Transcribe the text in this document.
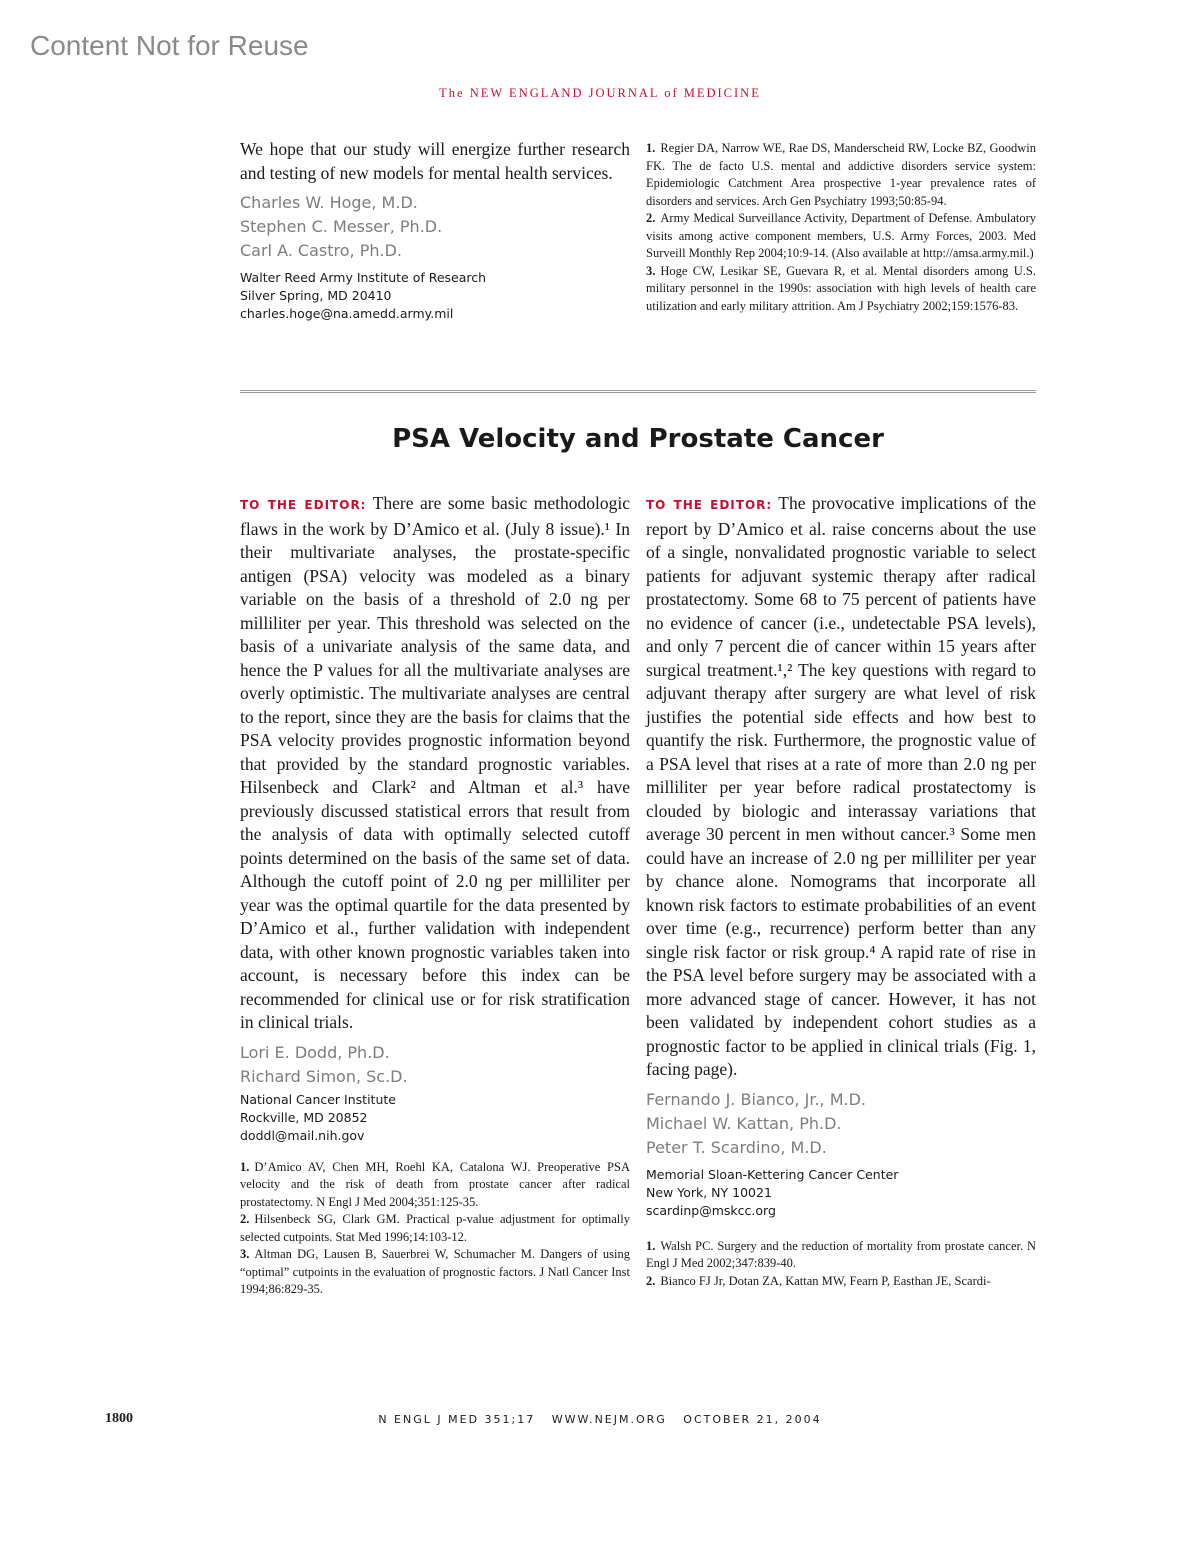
Content Not for Reuse
The NEW ENGLAND JOURNAL of MEDICINE

We hope that our study will energize further research and testing of new models for mental health services.

Charles W. Hoge, M.D.
Stephen C. Messer, Ph.D.
Carl A. Castro, Ph.D.
Walter Reed Army Institute of Research
Silver Spring, MD 20410
charles.hoge@na.amedd.army.mil
1. Regier DA, Narrow WE, Rae DS, Manderscheid RW, Locke BZ, Goodwin FK. The de facto U.S. mental and addictive disorders service system: Epidemiologic Catchment Area prospective 1-year prevalence rates of disorders and services. Arch Gen Psychiatry 1993;50:85-94.
2. Army Medical Surveillance Activity, Department of Defense. Ambulatory visits among active component members, U.S. Army Forces, 2003. Med Surveill Monthly Rep 2004;10:9-14. (Also available at http://amsa.army.mil.)
3. Hoge CW, Lesikar SE, Guevara R, et al. Mental disorders among U.S. military personnel in the 1990s: association with high levels of health care utilization and early military attrition. Am J Psychiatry 2002;159:1576-83.
PSA Velocity and Prostate Cancer

TO THE EDITOR: There are some basic methodologic flaws in the work by D’Amico et al. (July 8 issue).¹ In their multivariate analyses, the prostate-specific antigen (PSA) velocity was modeled as a binary variable on the basis of a threshold of 2.0 ng per milliliter per year. This threshold was selected on the basis of a univariate analysis of the same data, and hence the P values for all the multivariate analyses are overly optimistic. The multivariate analyses are central to the report, since they are the basis for claims that the PSA velocity provides prognostic information beyond that provided by the standard prognostic variables. Hilsenbeck and Clark² and Altman et al.³ have previously discussed statistical errors that result from the analysis of data with optimally selected cutoff points determined on the basis of the same set of data. Although the cutoff point of 2.0 ng per milliliter per year was the optimal quartile for the data presented by D’Amico et al., further validation with independent data, with other known prognostic variables taken into account, is necessary before this index can be recommended for clinical use or for risk stratification in clinical trials.

Lori E. Dodd, Ph.D.
Richard Simon, Sc.D.
National Cancer Institute
Rockville, MD 20852
doddl@mail.nih.gov
1. D’Amico AV, Chen MH, Roehl KA, Catalona WJ. Preoperative PSA velocity and the risk of death from prostate cancer after radical prostatectomy. N Engl J Med 2004;351:125-35.
2. Hilsenbeck SG, Clark GM. Practical p-value adjustment for optimally selected cutpoints. Stat Med 1996;14:103-12.
3. Altman DG, Lausen B, Sauerbrei W, Schumacher M. Dangers of using “optimal” cutpoints in the evaluation of prognostic factors. J Natl Cancer Inst 1994;86:829-35.

TO THE EDITOR: The provocative implications of the report by D’Amico et al. raise concerns about the use of a single, nonvalidated prognostic variable to select patients for adjuvant systemic therapy after radical prostatectomy. Some 68 to 75 percent of patients have no evidence of cancer (i.e., undetectable PSA levels), and only 7 percent die of cancer within 15 years after surgical treatment.¹,² The key questions with regard to adjuvant therapy after surgery are what level of risk justifies the potential side effects and how best to quantify the risk. Furthermore, the prognostic value of a PSA level that rises at a rate of more than 2.0 ng per milliliter per year before radical prostatectomy is clouded by biologic and interassay variations that average 30 percent in men without cancer.³ Some men could have an increase of 2.0 ng per milliliter per year by chance alone. Nomograms that incorporate all known risk factors to estimate probabilities of an event over time (e.g., recurrence) perform better than any single risk factor or risk group.⁴ A rapid rate of rise in the PSA level before surgery may be associated with a more advanced stage of cancer. However, it has not been validated by independent cohort studies as a prognostic factor to be applied in clinical trials (Fig. 1, facing page).

Fernando J. Bianco, Jr., M.D.
Michael W. Kattan, Ph.D.
Peter T. Scardino, M.D.
Memorial Sloan-Kettering Cancer Center
New York, NY 10021
scardinp@mskcc.org
1. Walsh PC. Surgery and the reduction of mortality from prostate cancer. N Engl J Med 2002;347:839-40.
2. Bianco FJ Jr, Dotan ZA, Kattan MW, Fearn P, Easthan JE, Scardi-
1800	N ENGL J MED 351;17   WWW.NEJM.ORG   OCTOBER 21, 2004
